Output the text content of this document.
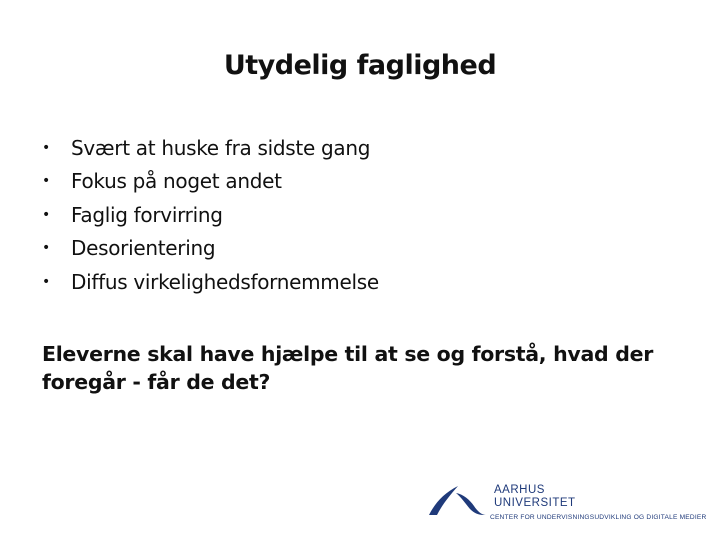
Utydelig faglighed
•	Svært at huske fra sidste gang
•	Fokus på noget andet
•	Faglig forvirring
•	Desorientering
•	Diffus virkelighedsfornemmelse
Eleverne skal have hjælpe til at se og forstå, hvad der
foregår - får de det?
AARHUS
UNIVERSITET
CENTER FOR UNDERVISNINGSUDVIKLING OG DIGITALE MEDIER
